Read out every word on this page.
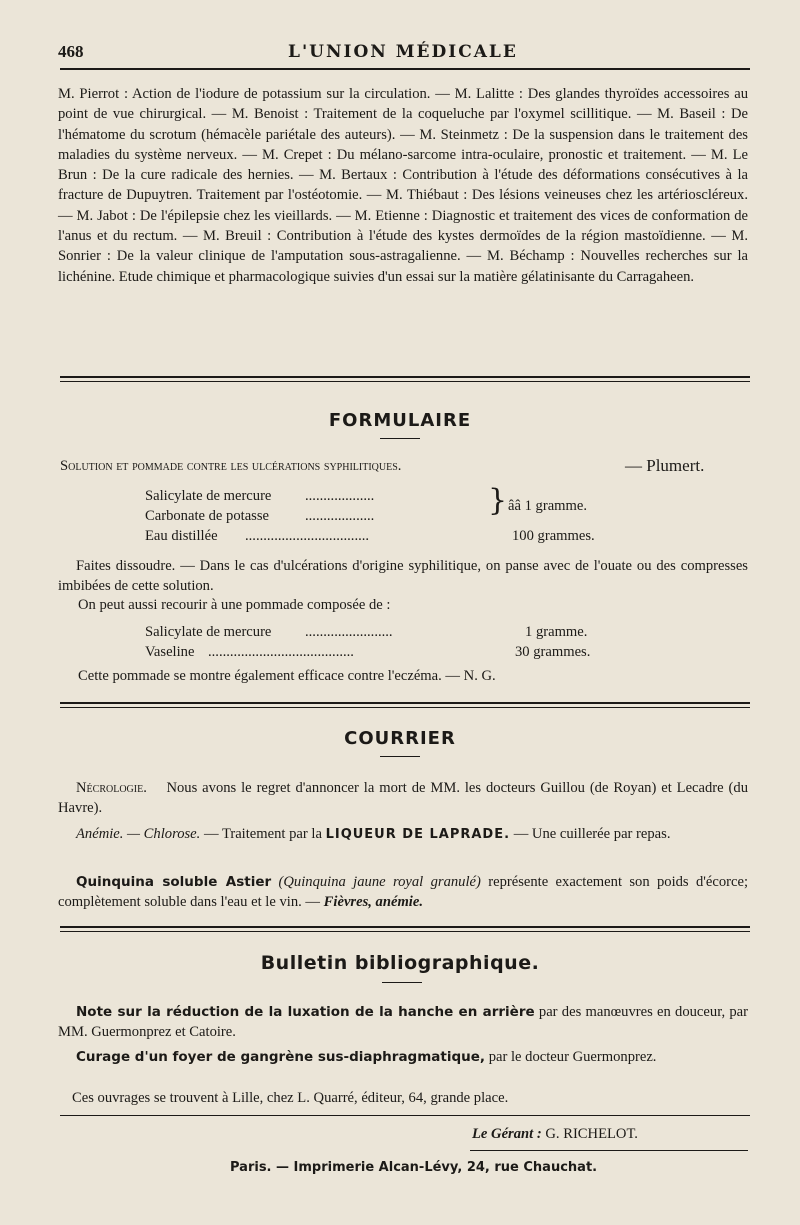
468	L'UNION MÉDICALE
M. Pierrot : Action de l'iodure de potassium sur la circulation. — M. Lalitte : Des glandes thyroïdes accessoires au point de vue chirurgical. — M. Benoist : Traitement de la coqueluche par l'oxymel scillitique. — M. Baseil : De l'hématome du scrotum (hémacèle pariétale des auteurs). — M. Steinmetz : De la suspension dans le traitement des maladies du système nerveux. — M. Crepet : Du mélano-sarcome intra-oculaire, pronostic et traitement. — M. Le Brun : De la cure radicale des hernies. — M. Bertaux : Contribution à l'étude des déformations consécutives à la fracture de Dupuytren. Traitement par l'ostéotomie. — M. Thiébaut : Des lésions veineuses chez les artérioscléreux. — M. Jabot : De l'épilepsie chez les vieillards. — M. Etienne : Diagnostic et traitement des vices de conformation de l'anus et du rectum. — M. Breuil : Contribution à l'étude des kystes dermoïdes de la région mastoïdienne. — M. Sonrier : De la valeur clinique de l'amputation sous-astragalienne. — M. Béchamp : Nouvelles recherches sur la lichénine. Etude chimique et pharmacologique suivies d'un essai sur la matière gélatinisante du Carragaheen.
FORMULAIRE
Solution et pommade contre les ulcérations syphilitiques.	— Plumert.
Salicylate de mercure ...................
Carbonate de potasse ...................	} ââ 1 gramme.
Eau distillée ..................................	100 grammes.
Faites dissoudre. — Dans le cas d'ulcérations d'origine syphilitique, on panse avec de l'ouate ou des compresses imbibées de cette solution.
On peut aussi recourir à une pommade composée de :
Salicylate de mercure ........................	1 gramme.
Vaseline ........................................	30 grammes.
Cette pommade se montre également efficace contre l'eczéma. — N. G.
COURRIER
Nécrologie. Nous avons le regret d'annoncer la mort de MM. les docteurs Guillou (de Royan) et Lecadre (du Havre).
Anémie. — Chlorose. — Traitement par la LIQUEUR DE LAPRADE. — Une cuillerée par repas.
Quinquina soluble Astier (Quinquina jaune royal granulé) représente exactement son poids d'écorce; complètement soluble dans l'eau et le vin. — Fièvres, anémie.
Bulletin bibliographique.
Note sur la réduction de la luxation de la hanche en arrière par des manœuvres en douceur, par MM. Guermonprez et Catoire.
Curage d'un foyer de gangrène sus-diaphragmatique, par le docteur Guermonprez.
Ces ouvrages se trouvent à Lille, chez L. Quarré, éditeur, 64, grande place.
Le Gérant : G. RICHELOT.
Paris. — Imprimerie Alcan-Lévy, 24, rue Chauchat.
